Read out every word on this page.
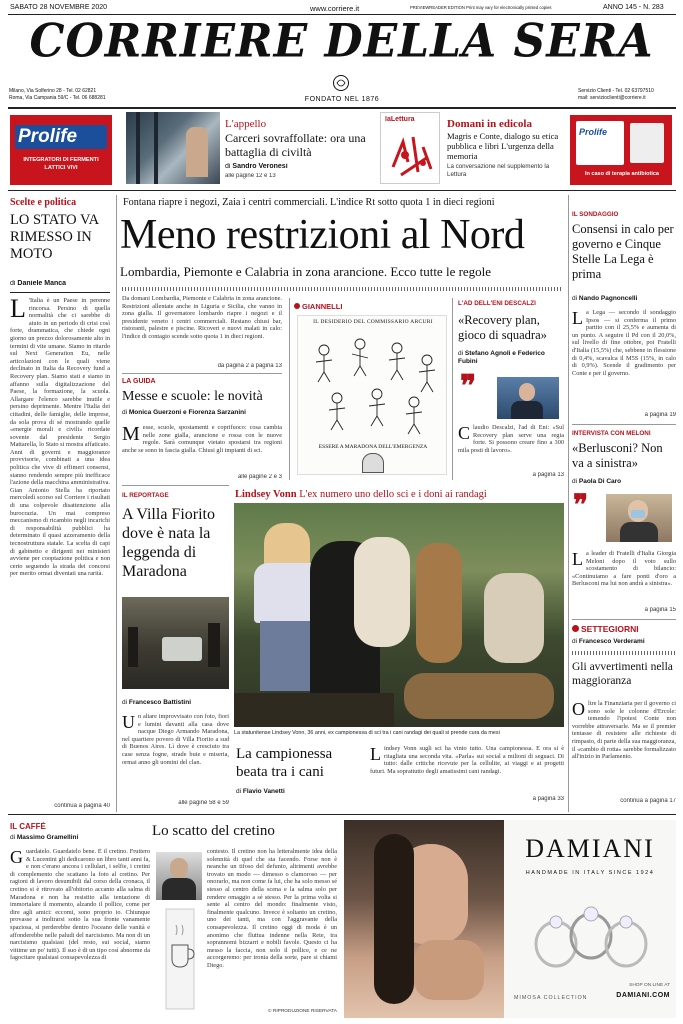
SABATO 28 NOVEMBRE 2020	www.corriere.it	PREVIEWREADER EDITION Print may vary for electronically printed copies	ANNO 145 - N. 283
CORRIERE DELLA SERA
Milano, Via Solferino 28 - Tel. 02 62821
Roma, Via Campania 59/C - Tel. 06 688281	FONDATO NEL 1876
Servizio Clienti - Tel. 02 63797510
mail: servizioclienti@corriere.it
Prolife
INTEGRATORI DI FERMENTI
LATTICI VIVI
L'appello
Carceri sovraffollate: ora una battaglia di civiltà
di Sandro Veronesi
alle pagine 12 e 13
laLettura	Domani in edicola
Magris e Conte, dialogo su etica pubblica e libri L'urgenza della memoria
La conversazione nel supplemento la Lettura
Prolife
In caso di terapia antibiotica
Scelte e politica
LO STATO VA RIMESSO IN MOTO
di Daniele Manca
L 'Italia è un Paese in perenne rincorsa. Persino di quella normalità che ci sarebbe di aiuto in un periodo di crisi così forte, drammatica, che chiede ogni giorno un prezzo dolorosamente alto in termini di vite umane. Siamo in ritardo sul Next Generation Eu, nelle articolazioni con le quali viene declinato in Italia da Recovery fund a Recovery plan. Siamo stati e siamo in affanno sulla digitalizzazione del Paese, la formazione, la scuola. Allargare l'elenco sarebbe inutile e persino deprimente. Mentre l'Italia dei cittadini, delle famiglie, delle imprese, da sola prova di sé mostrando quelle «energie morali e civili» ricordate sovente dal presidente Sergio Mattarella, lo Stato si mostra affaticato. Anni di governi e maggioranze provvisorie, combinati a una idea politica che vive di effimeri consensi, stanno rendendo sempre più inefficace l'azione della macchina amministrativa. Gian Antonio Stella ha riportato mercoledì scorso sul Corriere i risultati di una colpevole disattenzione alla burocrazia. Un mai compreso meccanismo di ricambio negli incarichi di responsabilità pubblici ha determinato il quasi azzeramento della tecnostruttura statale. La scelta di capi di gabinetto e dirigenti nei ministeri avviene per cooptazione politica e non certo seguendo la strada dei concorsi per merito ormai diventati una rarità.
continua a pagina 40
Fontana riapre i negozi, Zaia i centri commerciali. L'indice Rt sotto quota 1 in dieci regioni
Meno restrizioni al Nord
Lombardia, Piemonte e Calabria in zona arancione. Ecco tutte le regole
Da domani Lombardia, Piemonte e Calabria in zona arancione. Restrizioni allentate anche in Liguria e Sicilia, che vanno in zona gialla. Il governatore lombardo riapre i negozi e il presidente veneto i centri commerciali. Restano chiusi bar, ristoranti, palestre e piscine. Ricoveri e nuovi malati in calo: l'indice di contagio scende sotto quota 1 in dieci regioni.
da pagina 2 a pagina 13
LA GUIDA
Messe e scuole: le novità
di Monica Guerzoni e Fiorenza Sarzanini
Messe, scuole, spostamenti e coprifuoco: cosa cambia nelle zone gialla, arancione e rossa con le nuove regole. Sarà comunque vietato spostarsi tra regioni anche se sono in fascia gialla. Chiusi gli impianti di sci.
alle pagine 2 e 3
GIANNELLI
IL DESIDERIO DEL COMMISSARIO ARCURI
ESSERE A MARADONA DELL'EMERGENZA
L'AD DELL'ENI DESCALZI
«Recovery plan, gioco di squadra»
di Stefano Agnoli e Federico Fubini
❞
Claudio Descalzi, l'ad di Eni: «Sul Recovery plan serve una regia forte. Si possono creare fino a 300 mila posti di lavoro».
a pagina 13
IL REPORTAGE
A Villa Fiorito dove è nata la leggenda di Maradona
di Francesco Battistini
Un altare improvvisato con foto, fiori e lumini davanti alla casa dove nacque Diego Armando Maradona, nel quartiere povero di Villa Fiorito a sud di Buenos Aires. Lì dove è cresciuto tra case senza fogne, strade buie e miseria, ormai anno gli uomini del clan.
alle pagine 58 e 59
Lindsey Vonn L'ex numero uno dello sci e i doni ai randagi
La statunitense Lindsey Vonn, 36 anni, ex campionessa di sci tra i cani randagi dei quali si prende cura da mesi
La campionessa beata tra i cani
di Flavio Vanetti
Lindsey Vonn sugli sci ha vinto tutto. Una campionessa. E ora si è ritagliata una seconda vita. «Parla» sui social a milioni di seguaci. Di tutto: dalle critiche ricevute per la cellulite, ai viaggi e ai progetti futuri. Ma soprattutto degli amatissimi cani randagi.
a pagina 33
IL SONDAGGIO
Consensi in calo per governo e Cinque Stelle La Lega è prima
di Nando Pagnoncelli
La Lega — secondo il sondaggio Ipsos — si conferma il primo partito con il 25,5% e aumenta di un punto. A seguire il Pd con il 20,0%, sul livello di fine ottobre, poi Fratelli d'Italia (15,5%) che, sebbene in flessione di 0,4%, scavalca il M5S (15%, in calo di 0,9%). Scende il gradimento per Conte e per il governo.
a pagina 19
INTERVISTA CON MELONI
«Berlusconi? Non va a sinistra»
di Paola Di Caro
❞
La leader di Fratelli d'Italia Giorgia Meloni dopo il voto sullo scostamento di bilancio: «Continuiamo a fare ponti d'oro a Berlusconi ma lui non andrà a sinistra».
a pagina 15
SETTEGIORNI
di Francesco Verderami
Gli avvertimenti nella maggioranza
Oltre la Finanziaria per il governo ci sono sole le colonne d'Ercole: temendo l'ipotesi Conte non vorrebbe attraversarle. Ma se il premier tentasse di resistere alle richieste di rimpasto, di parte della sua maggioranza, il «cambio di rotta» sarebbe formalizzato all'inizio in Parlamento.
continua a pagina 17
IL CAFFÈ
di Massimo Gramellini	Lo scatto del cretino
Guardatelo. Guardatelo bene. È il cretino. Fruttero & Lucentini gli dedicarono un libro tanti anni fa, e non c'erano ancora i cellulari, i selfie, i cretini di complemento che scattano la foto al cretino. Per ragioni di lavoro desumibili dal corso della cronaca, il cretino si è ritrovato all'obitorio accanto alla salma di Maradona e non ha resistito alla tentazione di immortalare il momento, alzando il pollice, come per dire agli amici: eccomi, sono proprio io. Chiunque provasse a inoltrarsi sotto la sua fronte vanamente spaziosa, si perderebbe dentro l'oceano delle vanità e affonderebbe nelle paludi del narcisismo. Ma non di un narcisismo qualsiasi (del resto, sui social, siamo vittime un po' tutti). Il suo è di un tipo così abnorme da fagocitare qualsiasi consapevolezza di
contesto. Il cretino non ha letteralmente idea della solennità di quel che sta facendo. Forse non è neanche un tifoso del defunto, altrimenti avrebbe trovato un modo — dimesso o clamoroso — per onorarlo, ma non come fa lui, che ha solo messo sé stesso al centro della scena e la salma solo per rendere omaggio a sé stesso. Per la prima volta si sente al centro del mondo: finalmente visto, finalmente qualcuno. Invece è soltanto un cretino, uno dei tanti, ma con l'aggravante della consapevolezza. Il cretino oggi di moda è un anonimo che fluttua indenne nella Rete, tra soprannomi bizzarri e nobili favole. Questo ci ha messo la faccia, non solo il pollice, e ce ne accorgeremo: per ironia della sorte, pare si chiami Diego.
© RIPRODUZIONE RISERVATA
DAMIANI
HANDMADE IN ITALY SINCE 1924
MIMOSA COLLECTION
SHOP ON LINE AT
DAMIANI.COM
